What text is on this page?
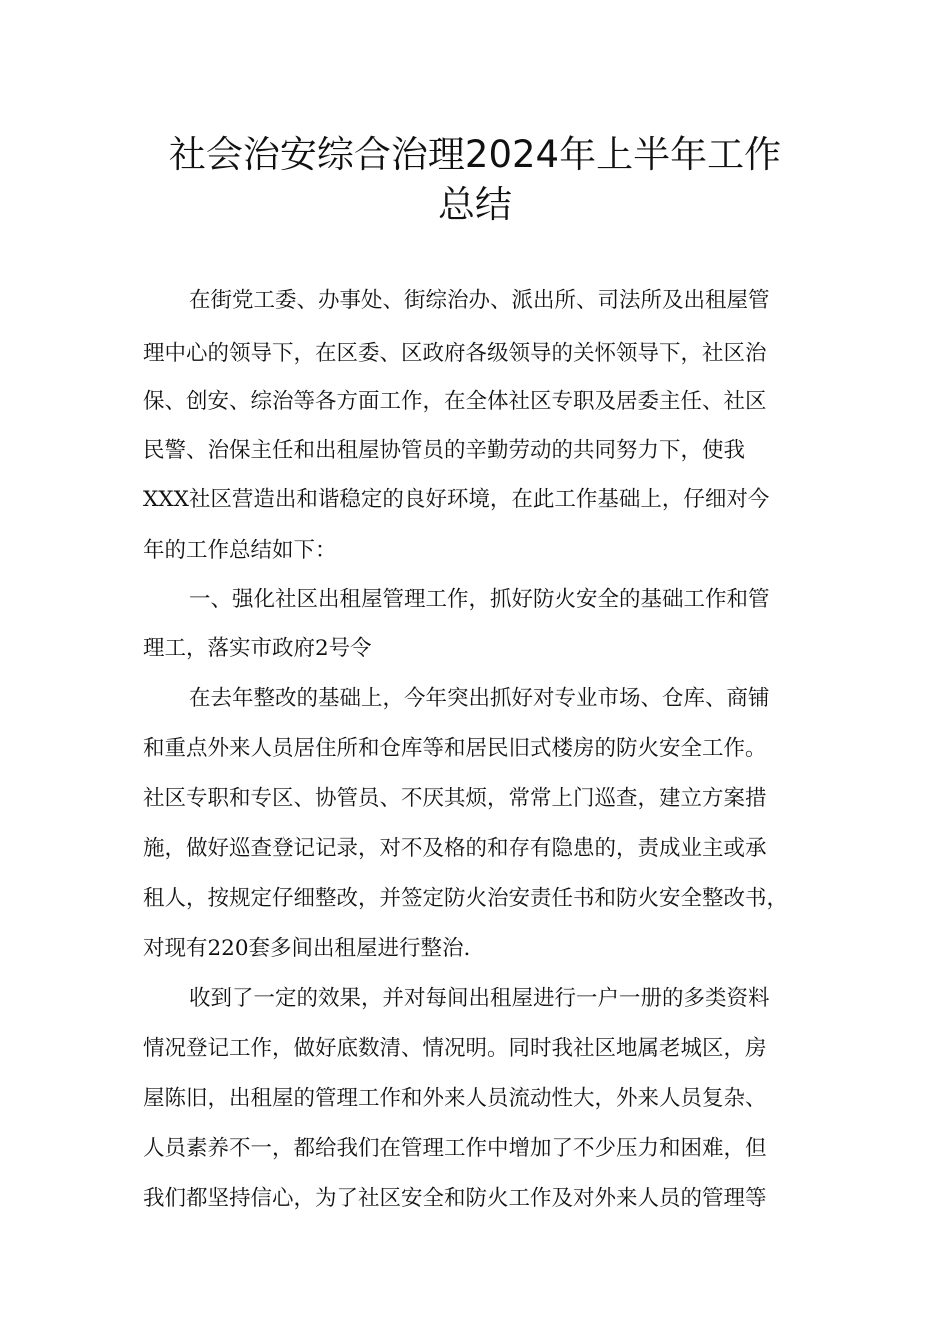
社会治安综合治理2024年上半年工作
总结
在街党工委、办事处、街综治办、派出所、司法所及出租屋管
理中心的领导下，在区委、区政府各级领导的关怀领导下，社区治
保、创安、综治等各方面工作，在全体社区专职及居委主任、社区
民警、治保主任和出租屋协管员的辛勤劳动的共同努力下，使我
XXX社区营造出和谐稳定的良好环境，在此工作基础上，仔细对今
年的工作总结如下：
一、强化社区出租屋管理工作，抓好防火安全的基础工作和管
理工，落实市政府2号令
在去年整改的基础上，今年突出抓好对专业市场、仓库、商铺
和重点外来人员居住所和仓库等和居民旧式楼房的防火安全工作。
社区专职和专区、协管员、不厌其烦，常常上门巡查，建立方案措
施，做好巡查登记记录，对不及格的和存有隐患的，责成业主或承
租人，按规定仔细整改，并签定防火治安责任书和防火安全整改书，
对现有220套多间出租屋进行整治.
收到了一定的效果，并对每间出租屋进行一户一册的多类资料
情况登记工作，做好底数清、情况明。同时我社区地属老城区，房
屋陈旧，出租屋的管理工作和外来人员流动性大，外来人员复杂、
人员素养不一，都给我们在管理工作中增加了不少压力和困难，但
我们都坚持信心，为了社区安全和防火工作及对外来人员的管理等
